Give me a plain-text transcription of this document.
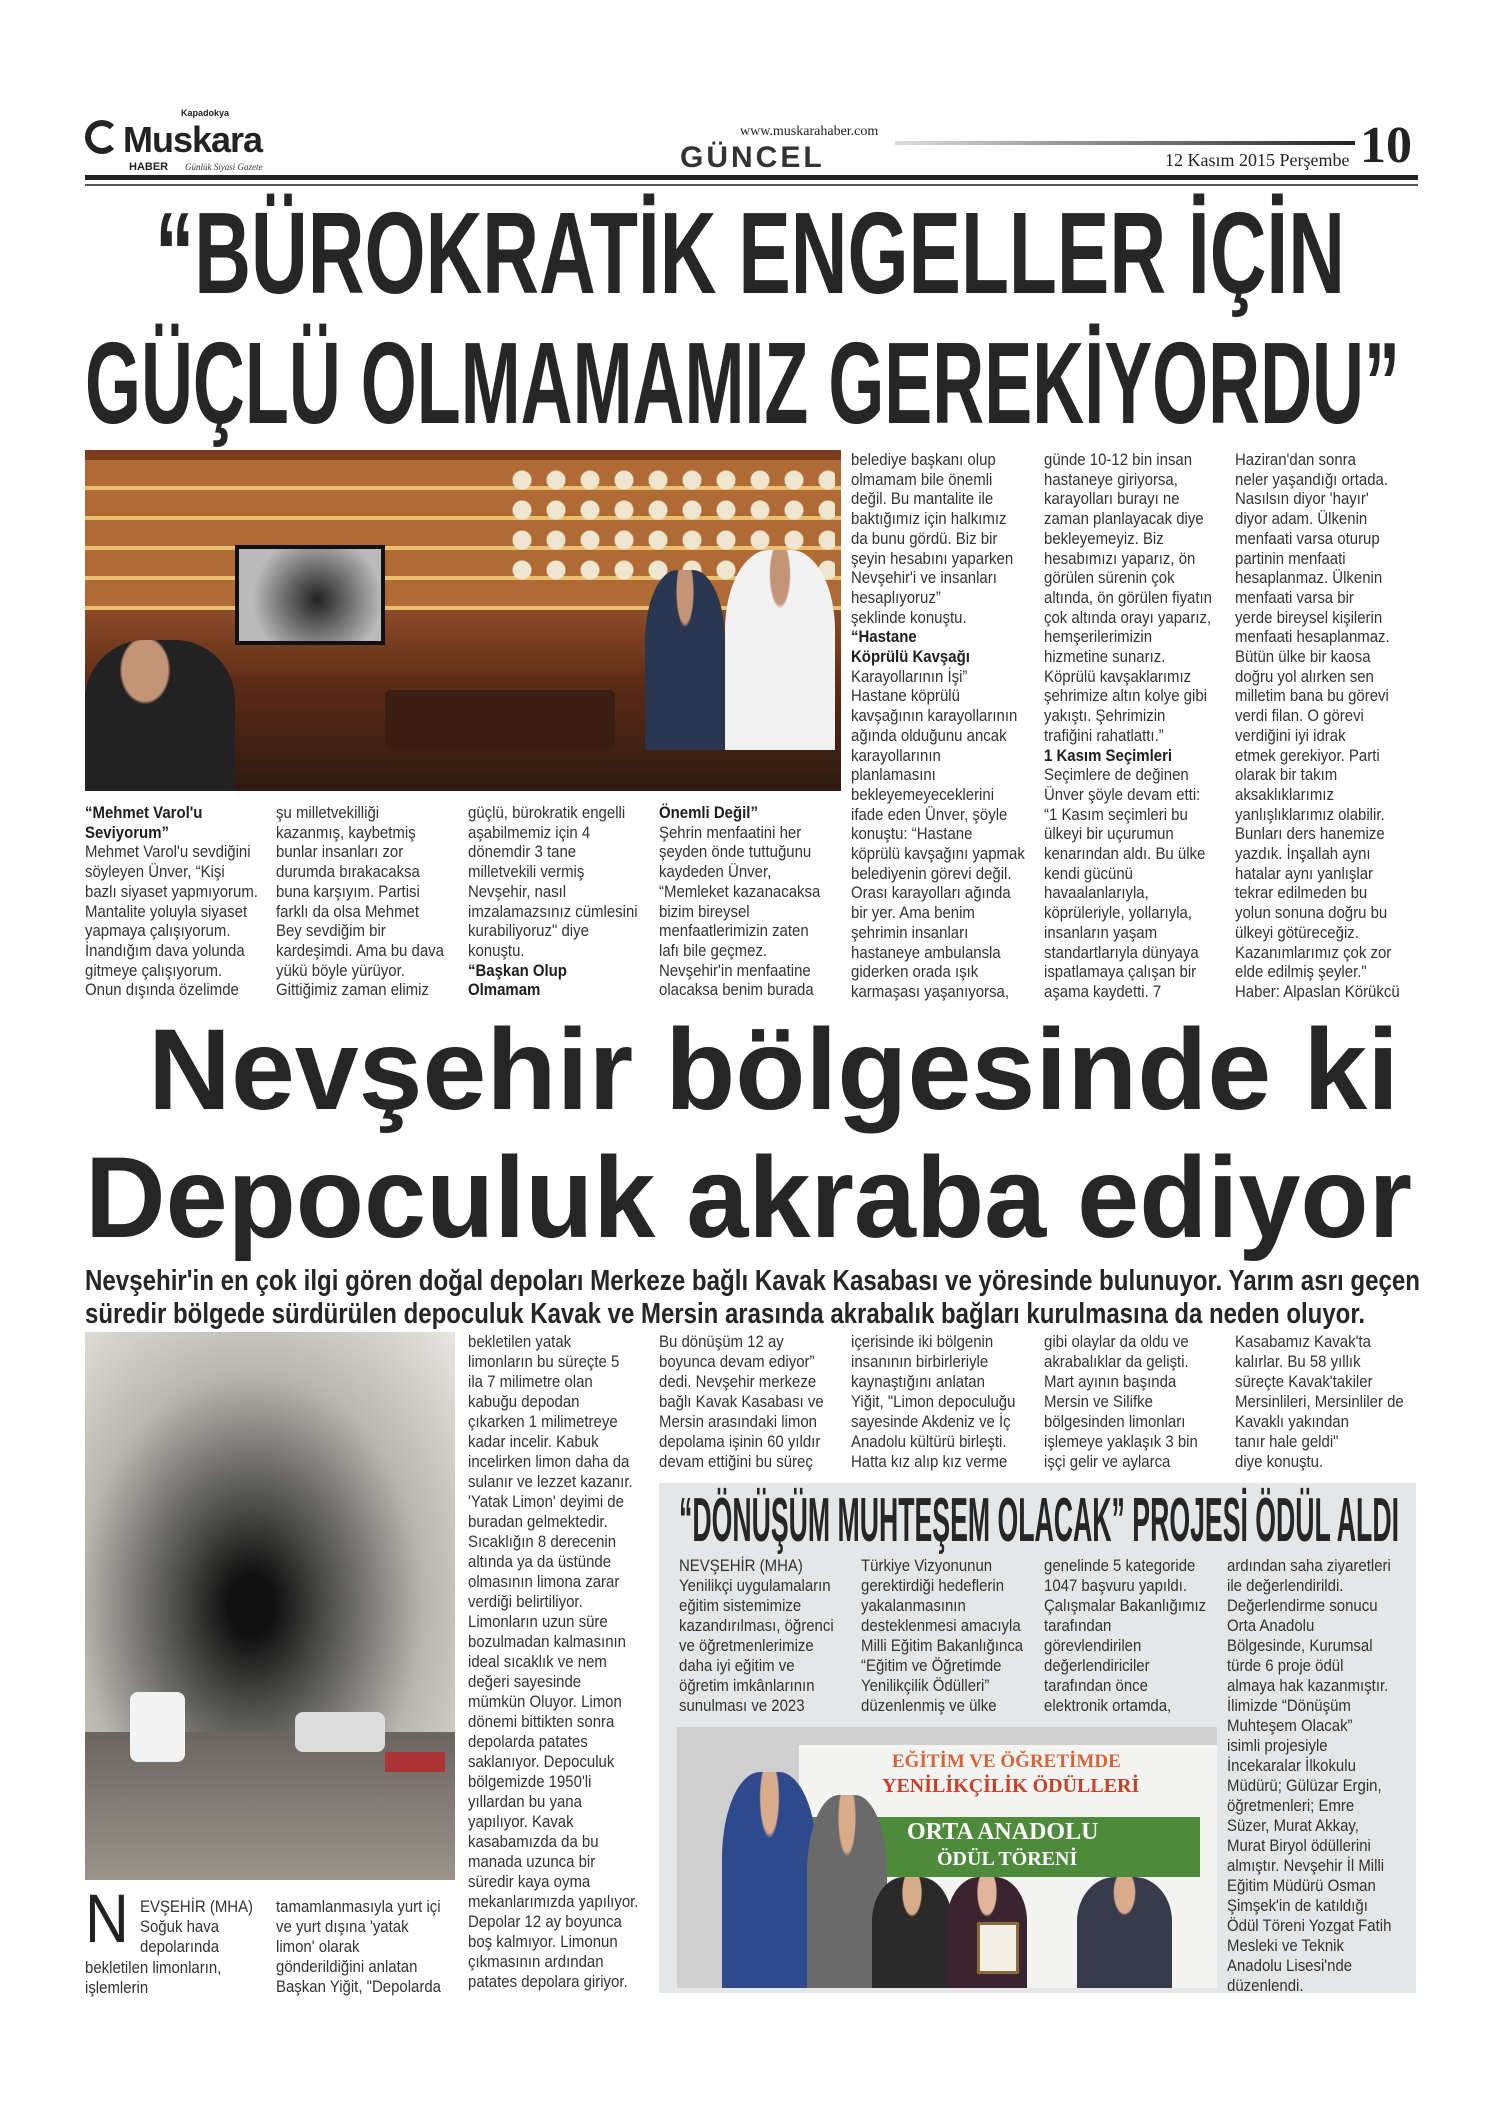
Kapadokya
Muskara
HABER Günlük Siyasi Gazete	GÜNCEL
www.muskarahaber.com
12 Kasım 2015 Perşembe 10
“BÜROKRATİK ENGELLER İÇİN
GÜÇLÜ OLMAMAMIZ GEREKİYORDU”
“Mehmet Varol'u
Seviyorum”
Mehmet Varol'u sevdiğini
söyleyen Ünver, “Kişi
bazlı siyaset yapmıyorum.
Mantalite yoluyla siyaset
yapmaya çalışıyorum.
İnandığım dava yolunda
gitmeye çalışıyorum.
Onun dışında özelimde
şu milletvekilliği
kazanmış, kaybetmiş
bunlar insanları zor
durumda bırakacaksa
buna karşıyım. Partisi
farklı da olsa Mehmet
Bey sevdiğim bir
kardeşimdi. Ama bu dava
yükü böyle yürüyor.
Gittiğimiz zaman elimiz
güçlü, bürokratik engelli
aşabilmemiz için 4
dönemdir 3 tane
milletvekili vermiş
Nevşehir, nasıl
imzalamazsınız cümlesini
kurabiliyoruz" diye
konuştu.
“Başkan Olup
Olmamam
Önemli Değil”
Şehrin menfaatini her
şeyden önde tuttuğunu
kaydeden Ünver,
“Memleket kazanacaksa
bizim bireysel
menfaatlerimizin zaten
lafı bile geçmez.
Nevşehir'in menfaatine
olacaksa benim burada
belediye başkanı olup
olmamam bile önemli
değil. Bu mantalite ile
baktığımız için halkımız
da bunu gördü. Biz bir
şeyin hesabını yaparken
Nevşehir'i ve insanları
hesaplıyoruz”
şeklinde konuştu.
“Hastane
Köprülü Kavşağı
Karayollarının İşi”
Hastane köprülü
kavşağının karayollarının
ağında olduğunu ancak
karayollarının
planlamasını
bekleyemeyeceklerini
ifade eden Ünver, şöyle
konuştu: “Hastane
köprülü kavşağını yapmak
belediyenin görevi değil.
Orası karayolları ağında
bir yer. Ama benim
şehrimin insanları
hastaneye ambulansla
giderken orada ışık
karmaşası yaşanıyorsa,
günde 10-12 bin insan
hastaneye giriyorsa,
karayolları burayı ne
zaman planlayacak diye
bekleyemeyiz. Biz
hesabımızı yaparız, ön
görülen sürenin çok
altında, ön görülen fiyatın
çok altında orayı yaparız,
hemşerilerimizin
hizmetine sunarız.
Köprülü kavşaklarımız
şehrimize altın kolye gibi
yakıştı. Şehrimizin
trafiğini rahatlattı.”
1 Kasım Seçimleri
Seçimlere de değinen
Ünver şöyle devam etti:
“1 Kasım seçimleri bu
ülkeyi bir uçurumun
kenarından aldı. Bu ülke
kendi gücünü
havaalanlarıyla,
köprüleriyle, yollarıyla,
insanların yaşam
standartlarıyla dünyaya
ispatlamaya çalışan bir
aşama kaydetti. 7
Haziran'dan sonra
neler yaşandığı ortada.
Nasılsın diyor 'hayır'
diyor adam. Ülkenin
menfaati varsa oturup
partinin menfaati
hesaplanmaz. Ülkenin
menfaati varsa bir
yerde bireysel kişilerin
menfaati hesaplanmaz.
Bütün ülke bir kaosa
doğru yol alırken sen
milletim bana bu görevi
verdi filan. O görevi
verdiğini iyi idrak
etmek gerekiyor. Parti
olarak bir takım
aksaklıklarımız
yanlışlıklarımız olabilir.
Bunları ders hanemize
yazdık. İnşallah aynı
hatalar aynı yanlışlar
tekrar edilmeden bu
yolun sonuna doğru bu
ülkeyi götüreceğiz.
Kazanımlarımız çok zor
elde edilmiş şeyler."
Haber: Alpaslan Körükcü
Nevşehir bölgesinde ki
Depoculuk akraba ediyor
Nevşehir'in en çok ilgi gören doğal depoları Merkeze bağlı Kavak Kasabası ve yöresinde bulunuyor. Yarım asrı geçen
süredir bölgede sürdürülen depoculuk Kavak ve Mersin arasında akrabalık bağları kurulmasına da neden oluyor.
N EVŞEHİR (MHA)
Soğuk hava
depolarında

bekletilen limonların,
işlemlerin
tamamlanmasıyla yurt içi
ve yurt dışına 'yatak
limon' olarak
gönderildiğini anlatan
Başkan Yiğit, "Depolarda
bekletilen yatak
limonların bu süreçte 5
ila 7 milimetre olan
kabuğu depodan
çıkarken 1 milimetreye
kadar incelir. Kabuk
incelirken limon daha da
sulanır ve lezzet kazanır.
'Yatak Limon' deyimi de
buradan gelmektedir.
Sıcaklığın 8 derecenin
altında ya da üstünde
olmasının limona zarar
verdiği belirtiliyor.
Limonların uzun süre
bozulmadan kalmasının
ideal sıcaklık ve nem
değeri sayesinde
mümkün Oluyor. Limon
dönemi bittikten sonra
depolarda patates
saklanıyor. Depoculuk
bölgemizde 1950'li
yıllardan bu yana
yapılıyor. Kavak
kasabamızda da bu
manada uzunca bir
süredir kaya oyma
mekanlarımızda yapılıyor.
Depolar 12 ay boyunca
boş kalmıyor. Limonun
çıkmasının ardından
patates depolara giriyor.
Bu dönüşüm 12 ay
boyunca devam ediyor”
dedi. Nevşehir merkeze
bağlı Kavak Kasabası ve
Mersin arasındaki limon
depolama işinin 60 yıldır
devam ettiğini bu süreç
içerisinde iki bölgenin
insanının birbirleriyle
kaynaştığını anlatan
Yiğit, "Limon depoculuğu
sayesinde Akdeniz ve İç
Anadolu kültürü birleşti.
Hatta kız alıp kız verme
gibi olaylar da oldu ve
akrabalıklar da gelişti.
Mart ayının başında
Mersin ve Silifke
bölgesinden limonları
işlemeye yaklaşık 3 bin
işçi gelir ve aylarca
Kasabamız Kavak'ta
kalırlar. Bu 58 yıllık
süreçte Kavak'takiler
Mersinlileri, Mersinliler de
Kavaklı yakından
tanır hale geldi"
diye konuştu.
“DÖNÜŞÜM MUHTEŞEM OLACAK” PROJESİ ÖDÜL ALDI
NEVŞEHİR (MHA)
Yenilikçi uygulamaların
eğitim sistemimize
kazandırılması, öğrenci
ve öğretmenlerimize
daha iyi eğitim ve
öğretim imkânlarının
sunulması ve 2023
Türkiye Vizyonunun
gerektirdiği hedeflerin
yakalanmasının
desteklenmesi amacıyla
Milli Eğitim Bakanlığınca
“Eğitim ve Öğretimde
Yenilikçilik Ödülleri”
düzenlenmiş ve ülke
genelinde 5 kategoride
1047 başvuru yapıldı.
Çalışmalar Bakanlığımız
tarafından
görevlendirilen
değerlendiriciler
tarafından önce
elektronik ortamda,
ardından saha ziyaretleri
ile değerlendirildi.
Değerlendirme sonucu
Orta Anadolu
Bölgesinde, Kurumsal
türde 6 proje ödül
almaya hak kazanmıştır.
İlimizde “Dönüşüm
Muhteşem Olacak”
isimli projesiyle
İncekaralar İlkokulu
Müdürü; Gülüzar Ergin,
öğretmenleri; Emre
Süzer, Murat Akkay,
Murat Biryol ödüllerini
almıştır. Nevşehir İl Milli
Eğitim Müdürü Osman
Şimşek'in de katıldığı
Ödül Töreni Yozgat Fatih
Mesleki ve Teknik
Anadolu Lisesi'nde
düzenlendi.
EĞİTİM VE ÖĞRETİMDE
YENİLİKÇİLİK ÖDÜLLERİ
ORTA ANADOLU
ÖDÜL TÖRENİ
